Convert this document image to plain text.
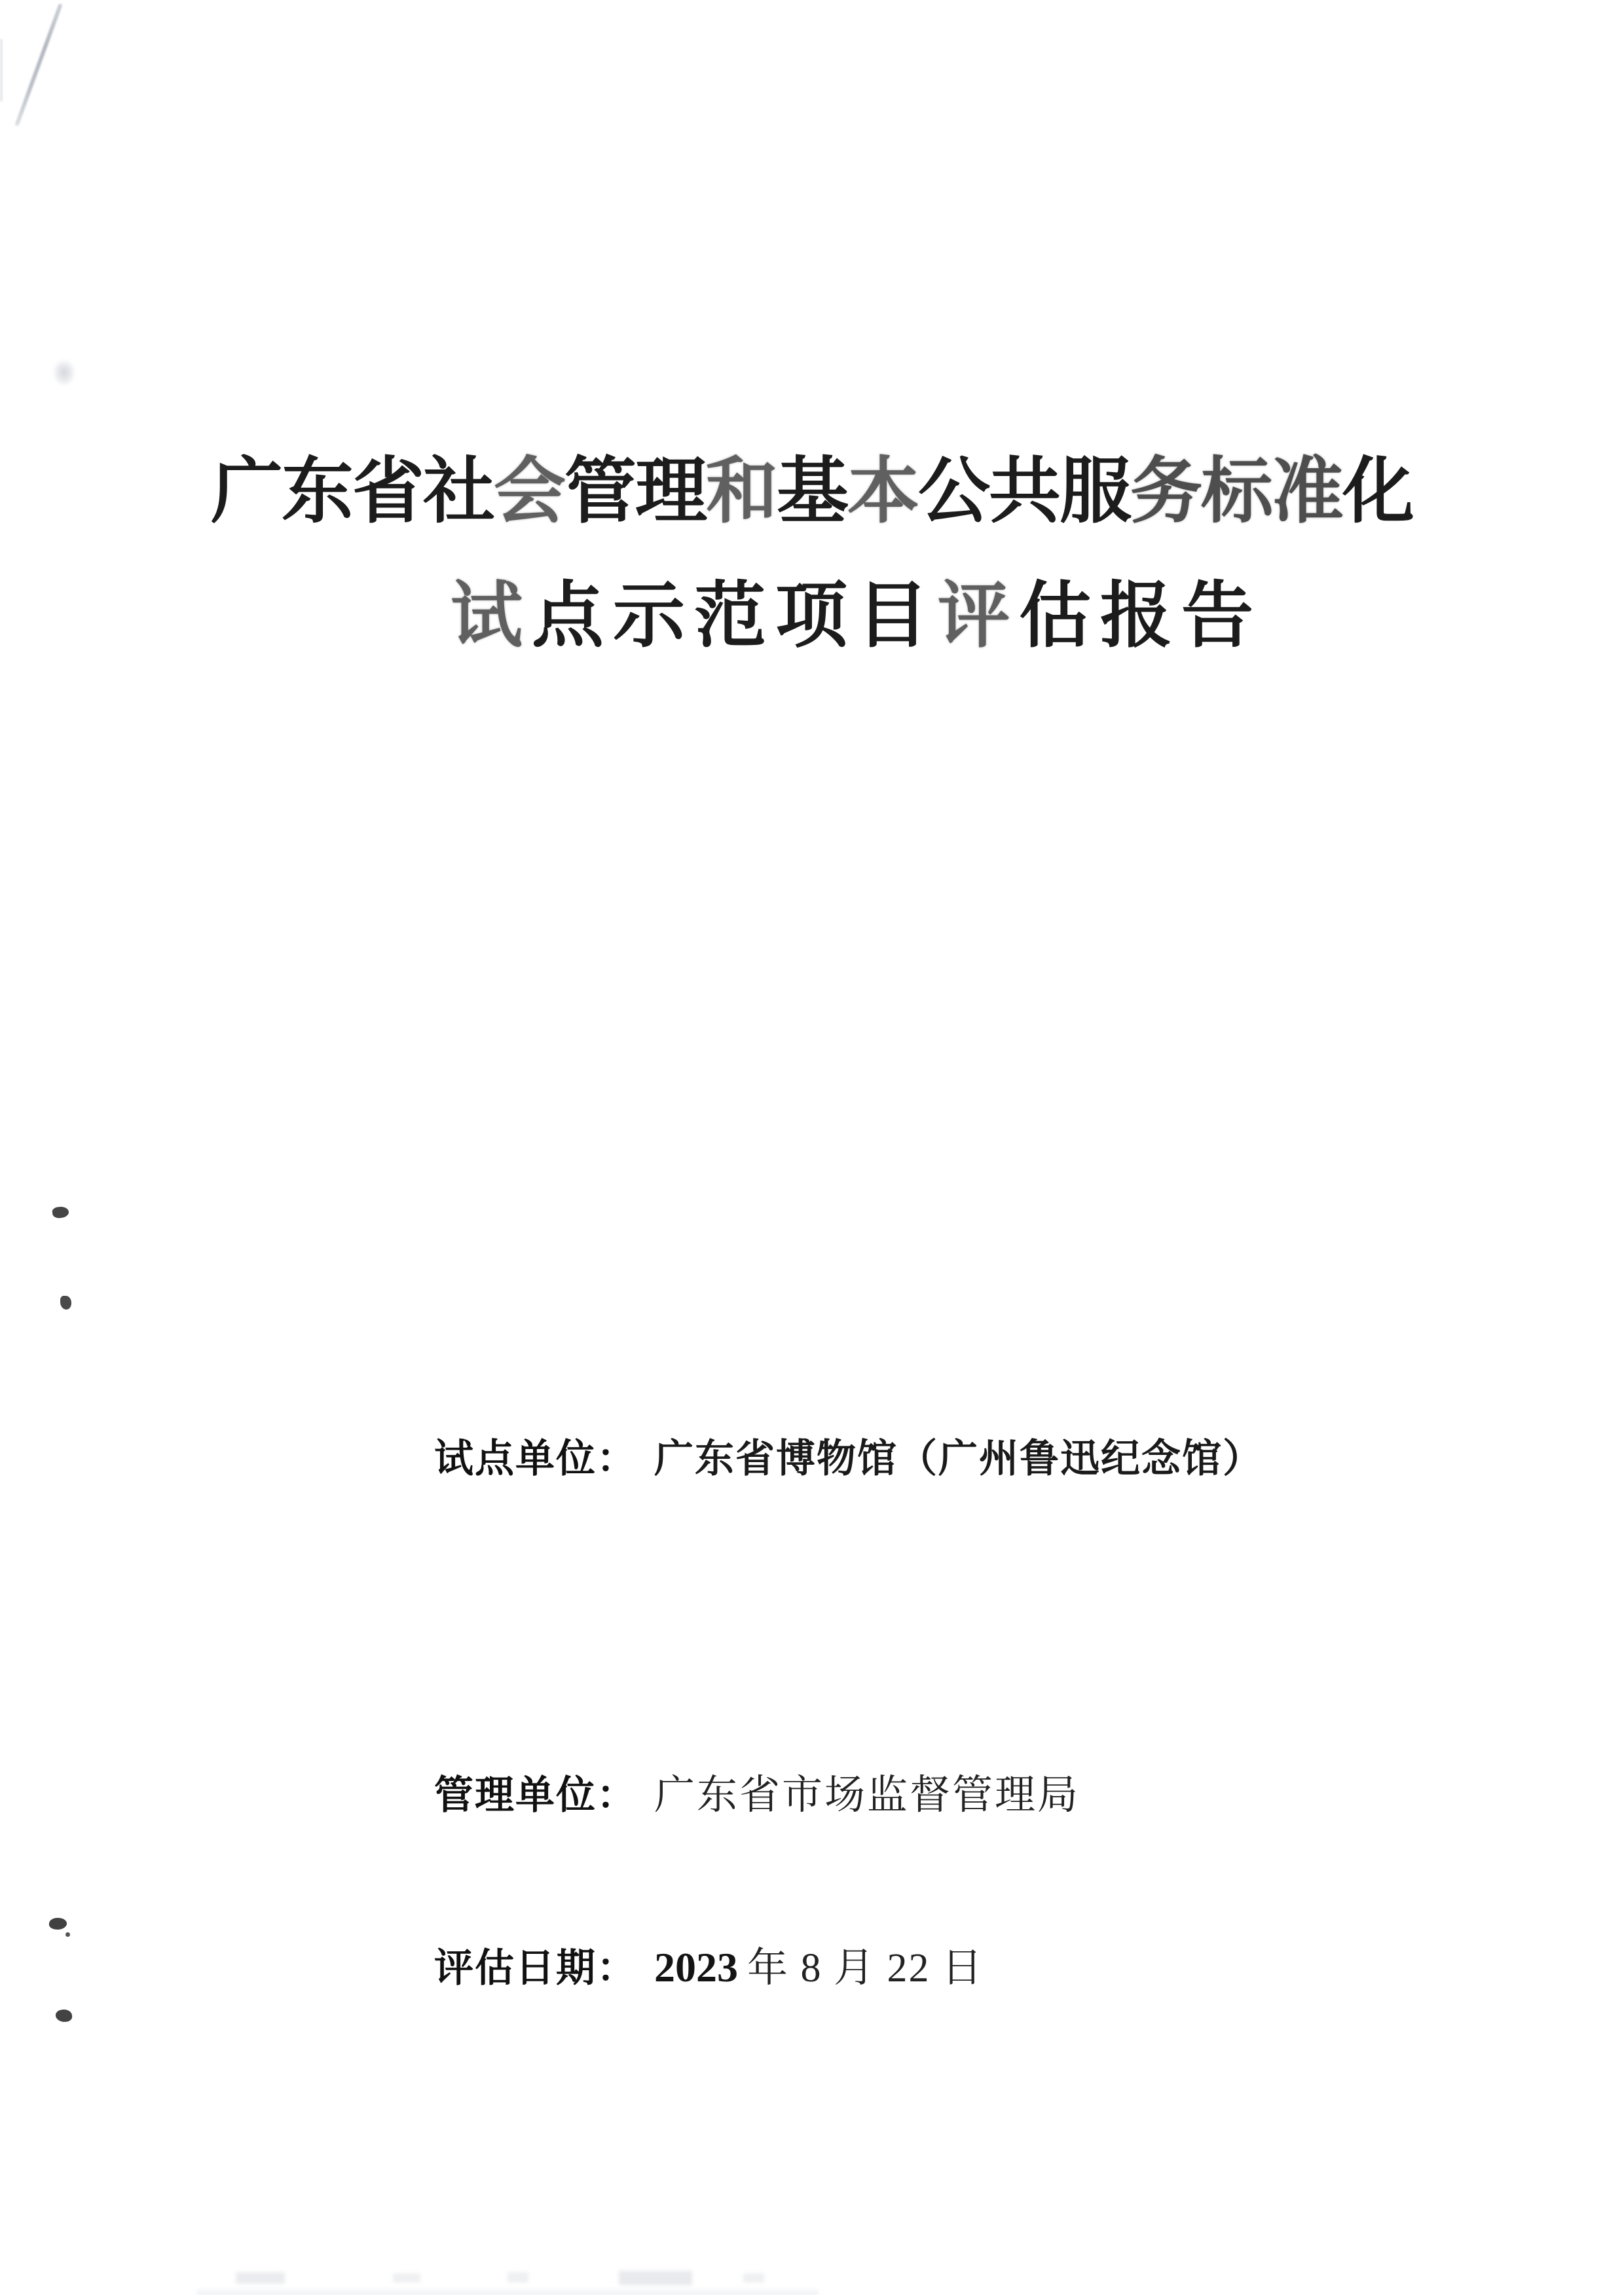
广东省社会管理和基本公共服务标准化
试点示范项目评估报告
试点单位： 广东省博物馆（广州鲁迅纪念馆）
管理单位： 广东省市场监督管理局
评估日期： 2023 年 8 月 22 日
